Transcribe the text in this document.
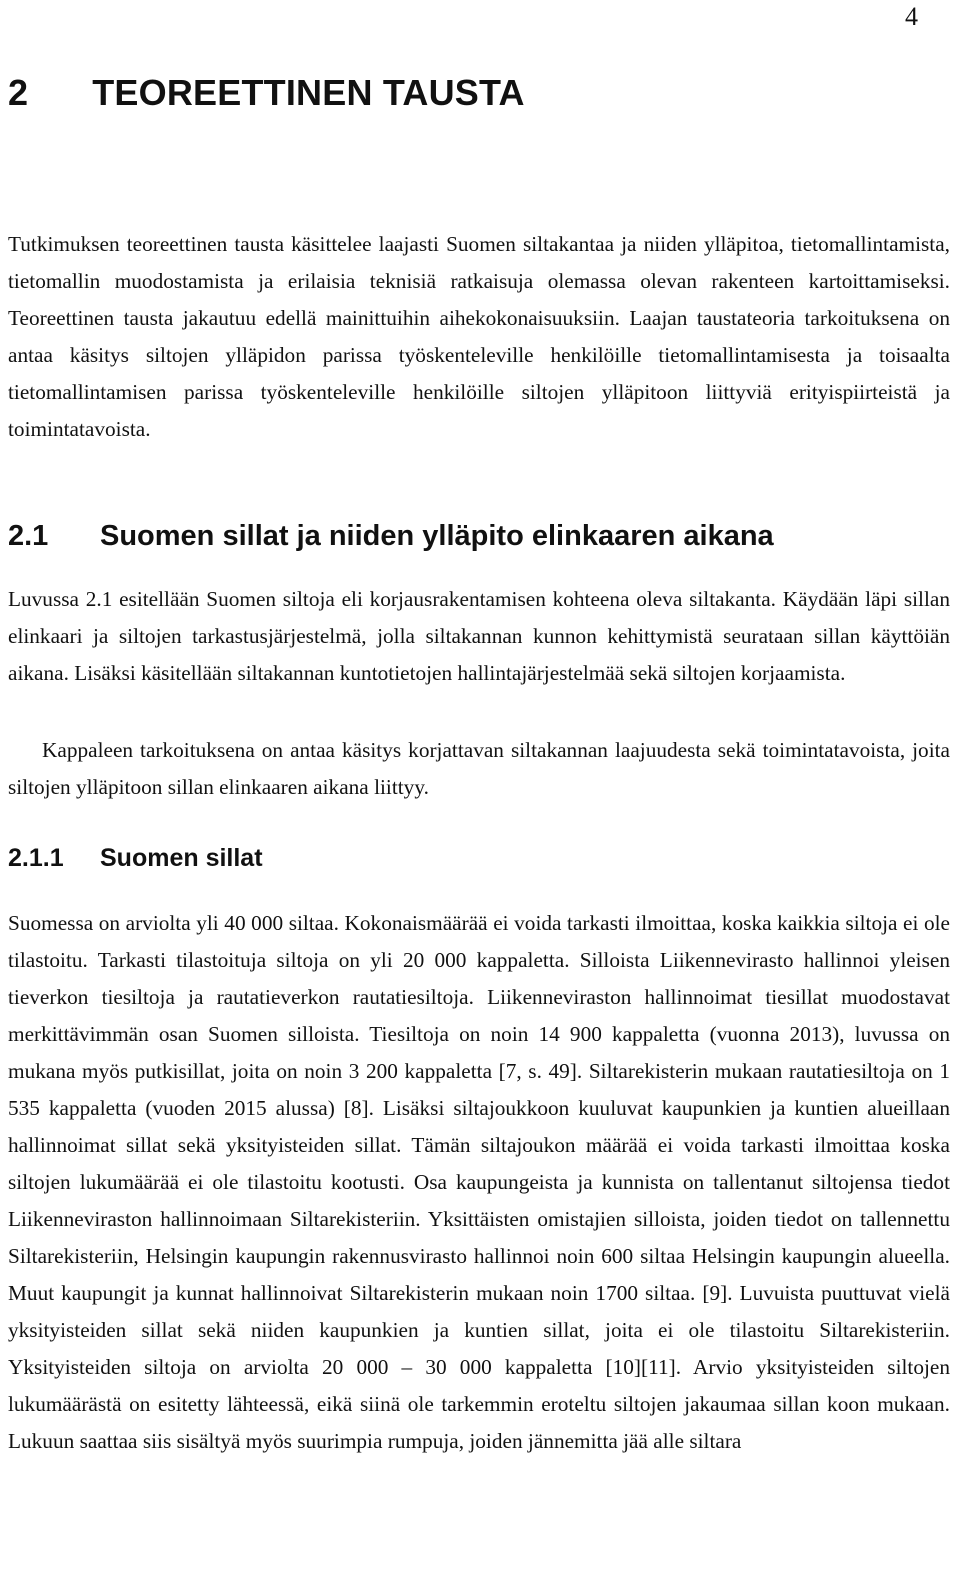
4
2 TEOREETTINEN TAUSTA

Tutkimuksen teoreettinen tausta käsittelee laajasti Suomen siltakantaa ja niiden ylläpitoa, tietomallintamista, tietomallin muodostamista ja erilaisia teknisiä ratkaisuja olemassa olevan rakenteen kartoittamiseksi. Teoreettinen tausta jakautuu edellä mainittuihin aihekokonaisuuksiin. Laajan taustateoria tarkoituksena on antaa käsitys siltojen ylläpidon parissa työskenteleville henkilöille tietomallintamisesta ja toisaalta tietomallintamisen parissa työskenteleville henkilöille siltojen ylläpitoon liittyviä erityispiirteistä ja toimintatavoista.

2.1	Suomen sillat ja niiden ylläpito elinkaaren aikana

Luvussa 2.1 esitellään Suomen siltoja eli korjausrakentamisen kohteena oleva siltakanta. Käydään läpi sillan elinkaari ja siltojen tarkastusjärjestelmä, jolla siltakannan kunnon kehittymistä seurataan sillan käyttöiän aikana. Lisäksi käsitellään siltakannan kuntotietojen hallintajärjestelmää sekä siltojen korjaamista.

Kappaleen tarkoituksena on antaa käsitys korjattavan siltakannan laajuudesta sekä toimintatavoista, joita siltojen ylläpitoon sillan elinkaaren aikana liittyy.

2.1.1	Suomen sillat

Suomessa on arviolta yli 40 000 siltaa. Kokonaismäärää ei voida tarkasti ilmoittaa, koska kaikkia siltoja ei ole tilastoitu. Tarkasti tilastoituja siltoja on yli 20 000 kappaletta. Silloista Liikennevirasto hallinnoi yleisen tieverkon tiesiltoja ja rautatieverkon rautatiesiltoja. Liikenneviraston hallinnoimat tiesillat muodostavat merkittävimmän osan Suomen silloista. Tiesiltoja on noin 14 900 kappaletta (vuonna 2013), luvussa on mukana myös putkisillat, joita on noin 3 200 kappaletta [7, s. 49]. Siltarekisterin mukaan rautatiesiltoja on 1 535 kappaletta (vuoden 2015 alussa) [8]. Lisäksi siltajoukkoon kuuluvat kaupunkien ja kuntien alueillaan hallinnoimat sillat sekä yksityisteiden sillat. Tämän siltajoukon määrää ei voida tarkasti ilmoittaa koska siltojen lukumäärää ei ole tilastoitu kootusti. Osa kaupungeista ja kunnista on tallentanut siltojensa tiedot Liikenneviraston hallinnoimaan Siltarekisteriin. Yksittäisten omistajien silloista, joiden tiedot on tallennettu Siltarekisteriin, Helsingin kaupungin rakennusvirasto hallinnoi noin 600 siltaa Helsingin kaupungin alueella. Muut kaupungit ja kunnat hallinnoivat Siltarekisterin mukaan noin 1700 siltaa. [9]. Luvuista puuttuvat vielä yksityisteiden sillat sekä niiden kaupunkien ja kuntien sillat, joita ei ole tilastoitu Siltarekisteriin. Yksityisteiden siltoja on arviolta 20 000 – 30 000 kappaletta [10][11]. Arvio yksityisteiden siltojen lukumäärästä on esitetty lähteessä, eikä siinä ole tarkemmin eroteltu siltojen jakaumaa sillan koon mukaan. Lukuun saattaa siis sisältyä myös suurimpia rumpuja, joiden jännemitta jää alle siltara
